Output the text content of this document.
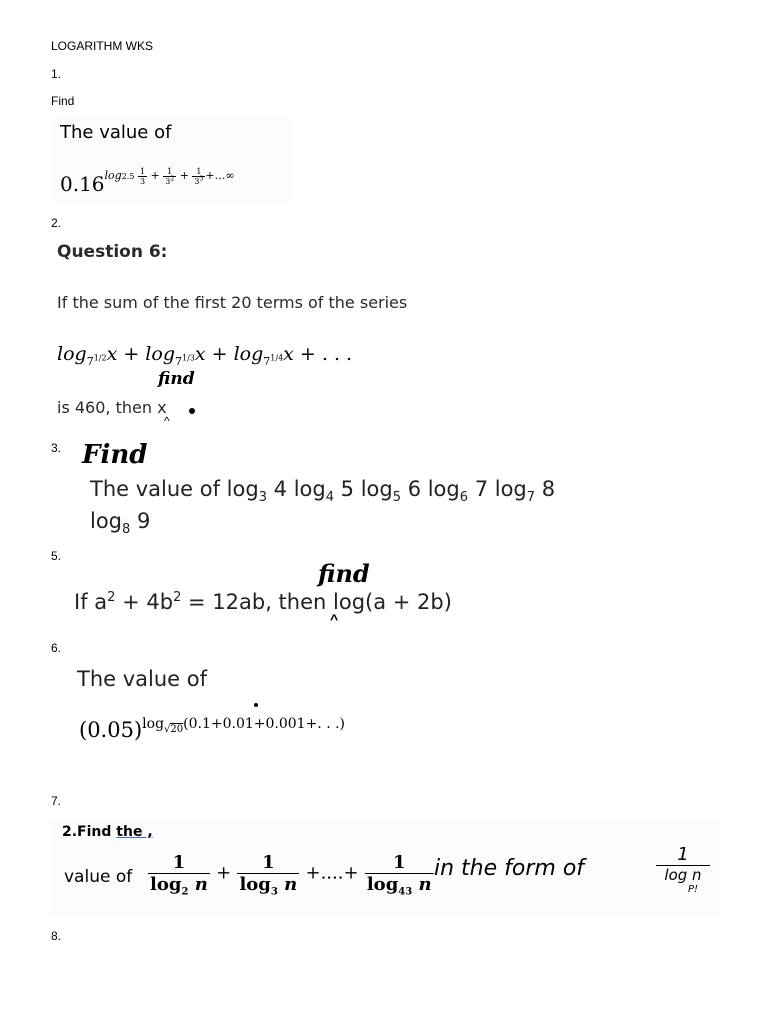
LOGARITHM WKS
1.
Find
The value of
$0.16^{log2.5 \frac{1}{3} + \frac{1}{3^2} + \frac{1}{3^3} +\dots\infty}$
2.
Question 6:
If the sum of the first 20 terms of the series
$\log_{7^{1/2}}x + \log_{7^{1/3}}x + \log_{7^{1/4}}x$ + . . .
find
is 460, then x
^
3. Find
The value of $\log_3 4$ $\log_4 5$ $\log_5 6$ $\log_6 7$ $\log_7 8$
$\log_8 9$
5.
find
If $a^2 + 4b^2 = 12ab$, then log(a + 2b)
^
6.
The value of
$(0.05)^{log_{√20}(0.1+0.01+0.001+. . .)}$
7.
2.Find the ,
value of $\frac{1}{\log_2 n} + \frac{1}{\log_3 n}$ +....+ $\frac{1}{\log_{43} n}$ in the form of
1
log n
P!
8.
